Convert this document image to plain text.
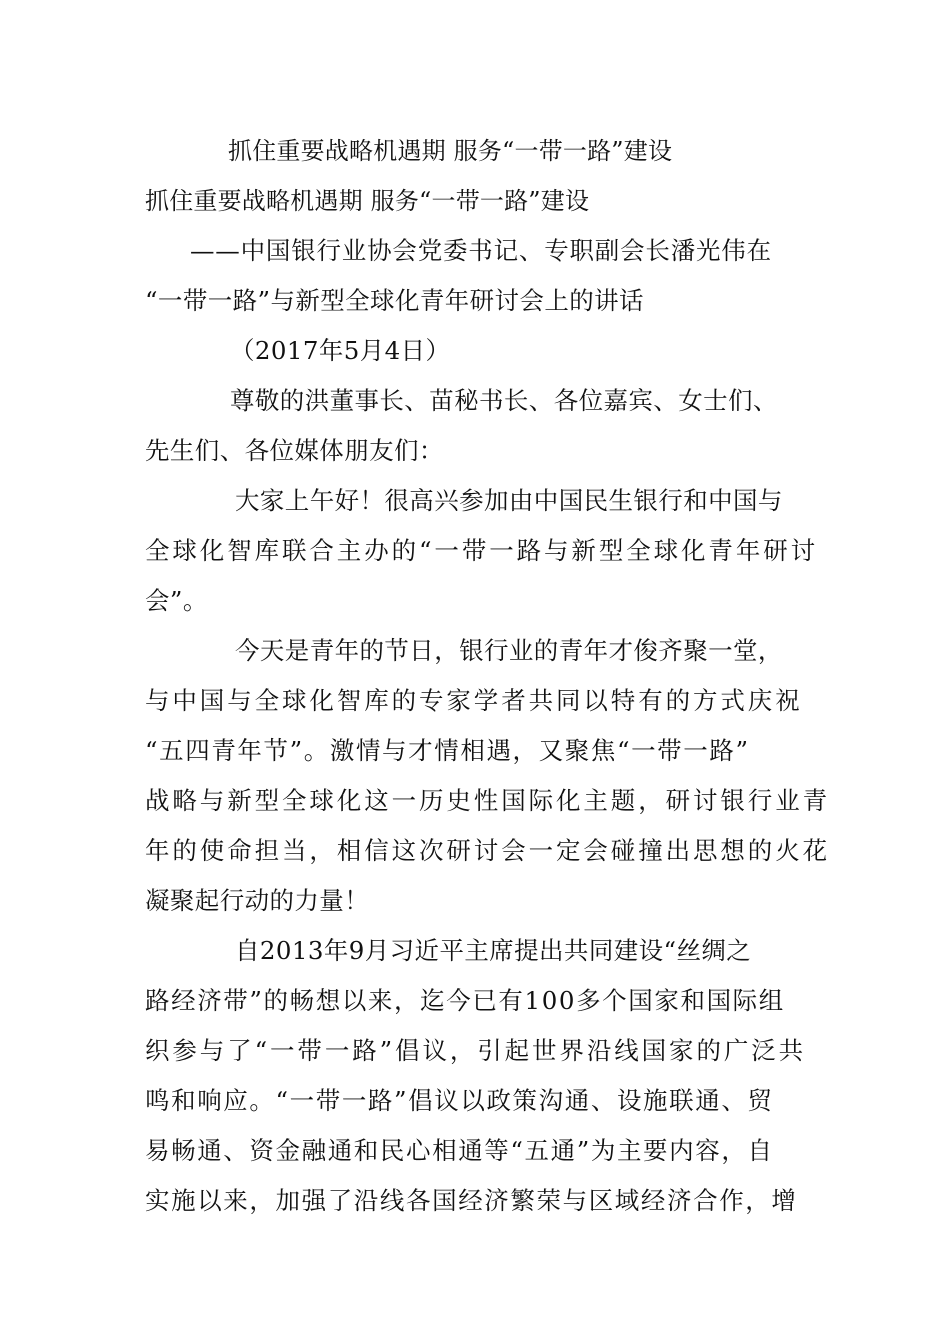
抓住重要战略机遇期 服务“一带一路”建设
抓住重要战略机遇期 服务“一带一路”建设
——中国银行业协会党委书记、专职副会长潘光伟在
“一带一路”与新型全球化青年研讨会上的讲话
（2017年5月4日）
尊敬的洪董事长、苗秘书长、各位嘉宾、女士们、
先生们、各位媒体朋友们：
大家上午好！很高兴参加由中国民生银行和中国与
全球化智库联合主办的“一带一路与新型全球化青年研讨
会”。
今天是青年的节日，银行业的青年才俊齐聚一堂，
与中国与全球化智库的专家学者共同以特有的方式庆祝
“五四青年节”。激情与才情相遇，又聚焦“一带一路”
战略与新型全球化这一历史性国际化主题，研讨银行业青
年的使命担当，相信这次研讨会一定会碰撞出思想的火花
凝聚起行动的力量！
自2013年9月习近平主席提出共同建设“丝绸之
路经济带”的畅想以来，迄今已有100多个国家和国际组
织参与了“一带一路”倡议，引起世界沿线国家的广泛共
鸣和响应。“一带一路”倡议以政策沟通、设施联通、贸
易畅通、资金融通和民心相通等“五通”为主要内容，自
实施以来，加强了沿线各国经济繁荣与区域经济合作，增
